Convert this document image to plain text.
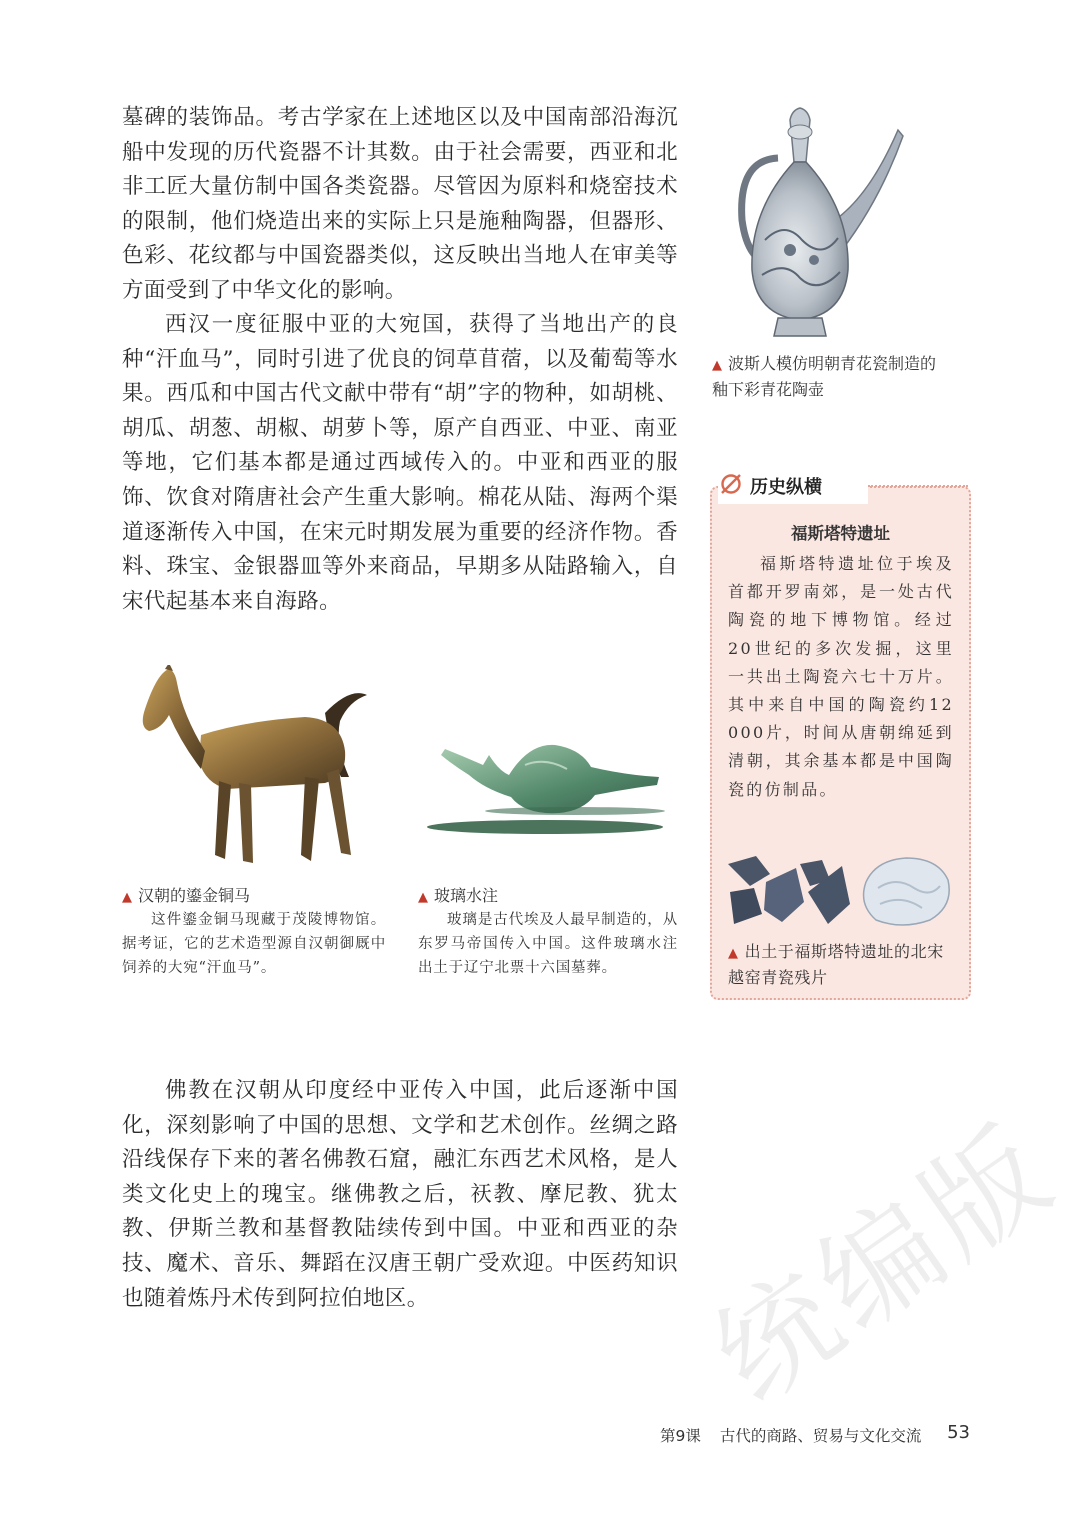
墓碑的装饰品。考古学家在上述地区以及中国南部沿海沉船中发现的历代瓷器不计其数。由于社会需要，西亚和北非工匠大量仿制中国各类瓷器。尽管因为原料和烧窑技术的限制，他们烧造出来的实际上只是施釉陶器，但器形、色彩、花纹都与中国瓷器类似，这反映出当地人在审美等方面受到了中华文化的影响。

西汉一度征服中亚的大宛国，获得了当地出产的良种“汗血马”，同时引进了优良的饲草苜蓿，以及葡萄等水果。西瓜和中国古代文献中带有“胡”字的物种，如胡桃、胡瓜、胡葱、胡椒、胡萝卜等，原产自西亚、中亚、南亚等地，它们基本都是通过西域传入的。中亚和西亚的服饰、饮食对隋唐社会产生重大影响。棉花从陆、海两个渠道逐渐传入中国，在宋元时期发展为重要的经济作物。香料、珠宝、金银器皿等外来商品，早期多从陆路输入，自宋代起基本来自海路。

▲ 波斯人模仿明朝青花瓷制造的釉下彩青花陶壶
历史纵横
福斯塔特遗址

福斯塔特遗址位于埃及首都开罗南郊，是一处古代陶瓷的地下博物馆。经过20世纪的多次发掘，这里一共出土陶瓷六七十万片。其中来自中国的陶瓷约12 000片，时间从唐朝绵延到清朝，其余基本都是中国陶瓷的仿制品。

▲ 出土于福斯塔特遗址的北宋越窑青瓷残片
▲ 汉朝的鎏金铜马

这件鎏金铜马现藏于茂陵博物馆。据考证，它的艺术造型源自汉朝御厩中饲养的大宛“汗血马”。

▲ 玻璃水注

玻璃是古代埃及人最早制造的，从东罗马帝国传入中国。这件玻璃水注出土于辽宁北票十六国墓葬。

佛教在汉朝从印度经中亚传入中国，此后逐渐中国化，深刻影响了中国的思想、文学和艺术创作。丝绸之路沿线保存下来的著名佛教石窟，融汇东西艺术风格，是人类文化史上的瑰宝。继佛教之后，祆教、摩尼教、犹太教、伊斯兰教和基督教陆续传到中国。中亚和西亚的杂技、魔术、音乐、舞蹈在汉唐王朝广受欢迎。中医药知识也随着炼丹术传到阿拉伯地区。	统编版
第9课 古代的商路、贸易与文化交流 53
